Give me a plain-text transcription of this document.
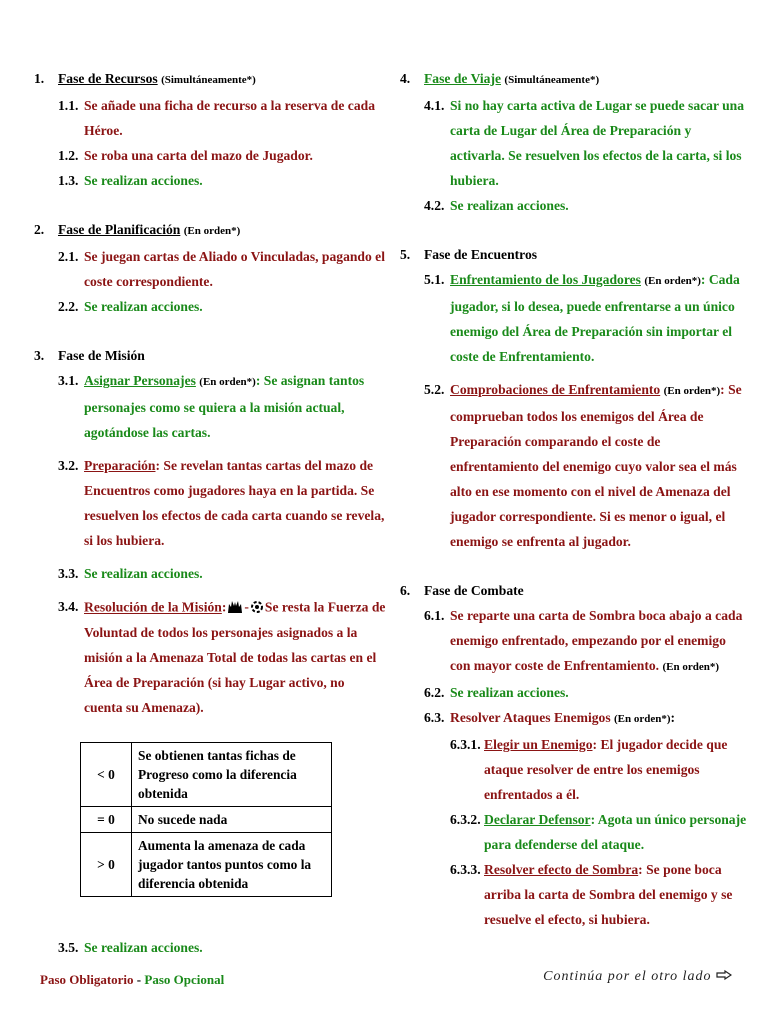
1.	Fase de Recursos (Simultáneamente*)
1.1. Se añade una ficha de recurso a la reserva de cada Héroe.
1.2. Se roba una carta del mazo de Jugador.
1.3. Se realizan acciones.
2.	Fase de Planificación (En orden*)
2.1. Se juegan cartas de Aliado o Vinculadas, pagando el coste correspondiente.
2.2. Se realizan acciones.
3.	Fase de Misión
3.1. Asignar Personajes (En orden*): Se asignan tantos personajes como se quiera a la misión actual, agotándose las cartas.
3.2. Preparación: Se revelan tantas cartas del mazo de Encuentros como jugadores haya en la partida. Se resuelven los efectos de cada carta cuando se revela, si los hubiera.
3.3. Se realizan acciones.
3.4. Resolución de la Misión: - Se resta la Fuerza de Voluntad de todos los personajes asignados a la misión a la Amenaza Total de todas las cartas en el Área de Preparación (si hay Lugar activo, no cuenta su Amenaza).
< 0	Se obtienen tantas fichas de Progreso como la diferencia obtenida
= 0	No sucede nada
> 0	Aumenta la amenaza de cada jugador tantos puntos como la diferencia obtenida
3.5. Se realizan acciones.
4.	Fase de Viaje (Simultáneamente*)
4.1. Si no hay carta activa de Lugar se puede sacar una carta de Lugar del Área de Preparación y activarla. Se resuelven los efectos de la carta, si los hubiera.
4.2. Se realizan acciones.
5.	Fase de Encuentros
5.1. Enfrentamiento de los Jugadores (En orden*): Cada jugador, si lo desea, puede enfrentarse a un único enemigo del Área de Preparación sin importar el coste de Enfrentamiento.
5.2. Comprobaciones de Enfrentamiento (En orden*): Se comprueban todos los enemigos del Área de Preparación comparando el coste de enfrentamiento del enemigo cuyo valor sea el más alto en ese momento con el nivel de Amenaza del jugador correspondiente. Si es menor o igual, el enemigo se enfrenta al jugador.
6.	Fase de Combate
6.1. Se reparte una carta de Sombra boca abajo a cada enemigo enfrentado, empezando por el enemigo con mayor coste de Enfrentamiento. (En orden*)
6.2. Se realizan acciones.
6.3. Resolver Ataques Enemigos (En orden*):
6.3.1. Elegir un Enemigo: El jugador decide que ataque resolver de entre los enemigos enfrentados a él.
6.3.2. Declarar Defensor: Agota un único personaje para defenderse del ataque.
6.3.3. Resolver efecto de Sombra: Se pone boca arriba la carta de Sombra del enemigo y se resuelve el efecto, si hubiera.
Paso Obligatorio - Paso Opcional	Continúa por el otro lado
